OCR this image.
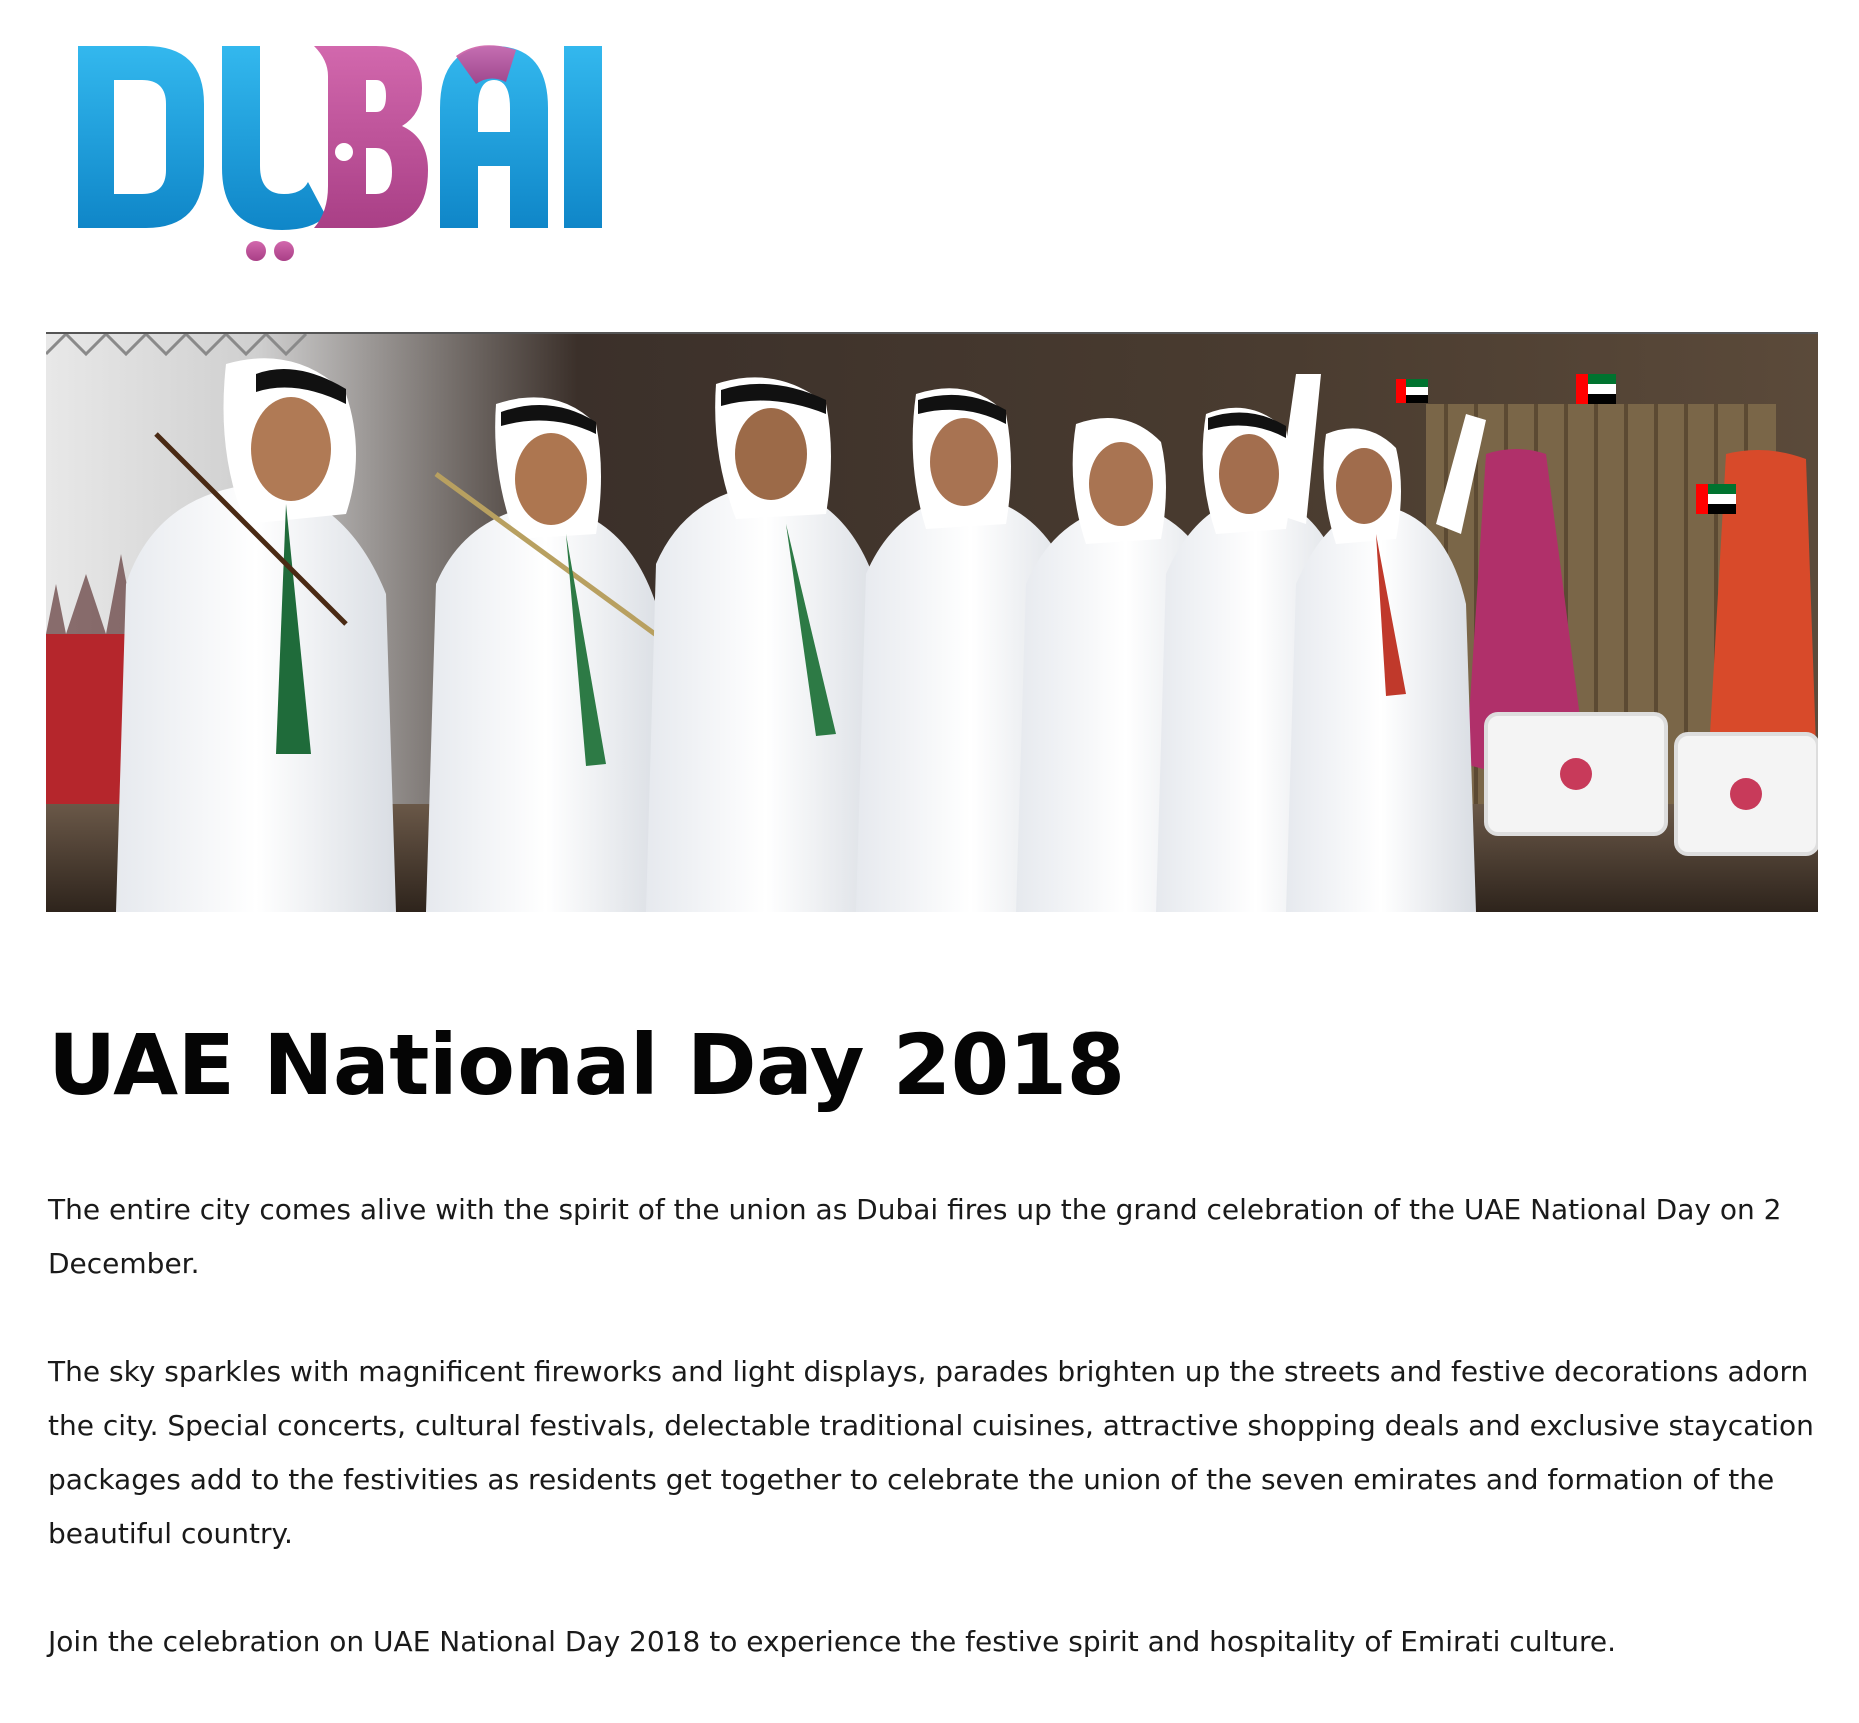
UAE National Day 2018

The entire city comes alive with the spirit of the union as Dubai fires up the grand celebration of the UAE National Day on 2 December.

The sky sparkles with magnificent fireworks and light displays, parades brighten up the streets and festive decorations adorn the city. Special concerts, cultural festivals, delectable traditional cuisines, attractive shopping deals and exclusive staycation packages add to the festivities as residents get together to celebrate the union of the seven emirates and formation of the beautiful country.

Join the celebration on UAE National Day 2018 to experience the festive spirit and hospitality of Emirati culture.
